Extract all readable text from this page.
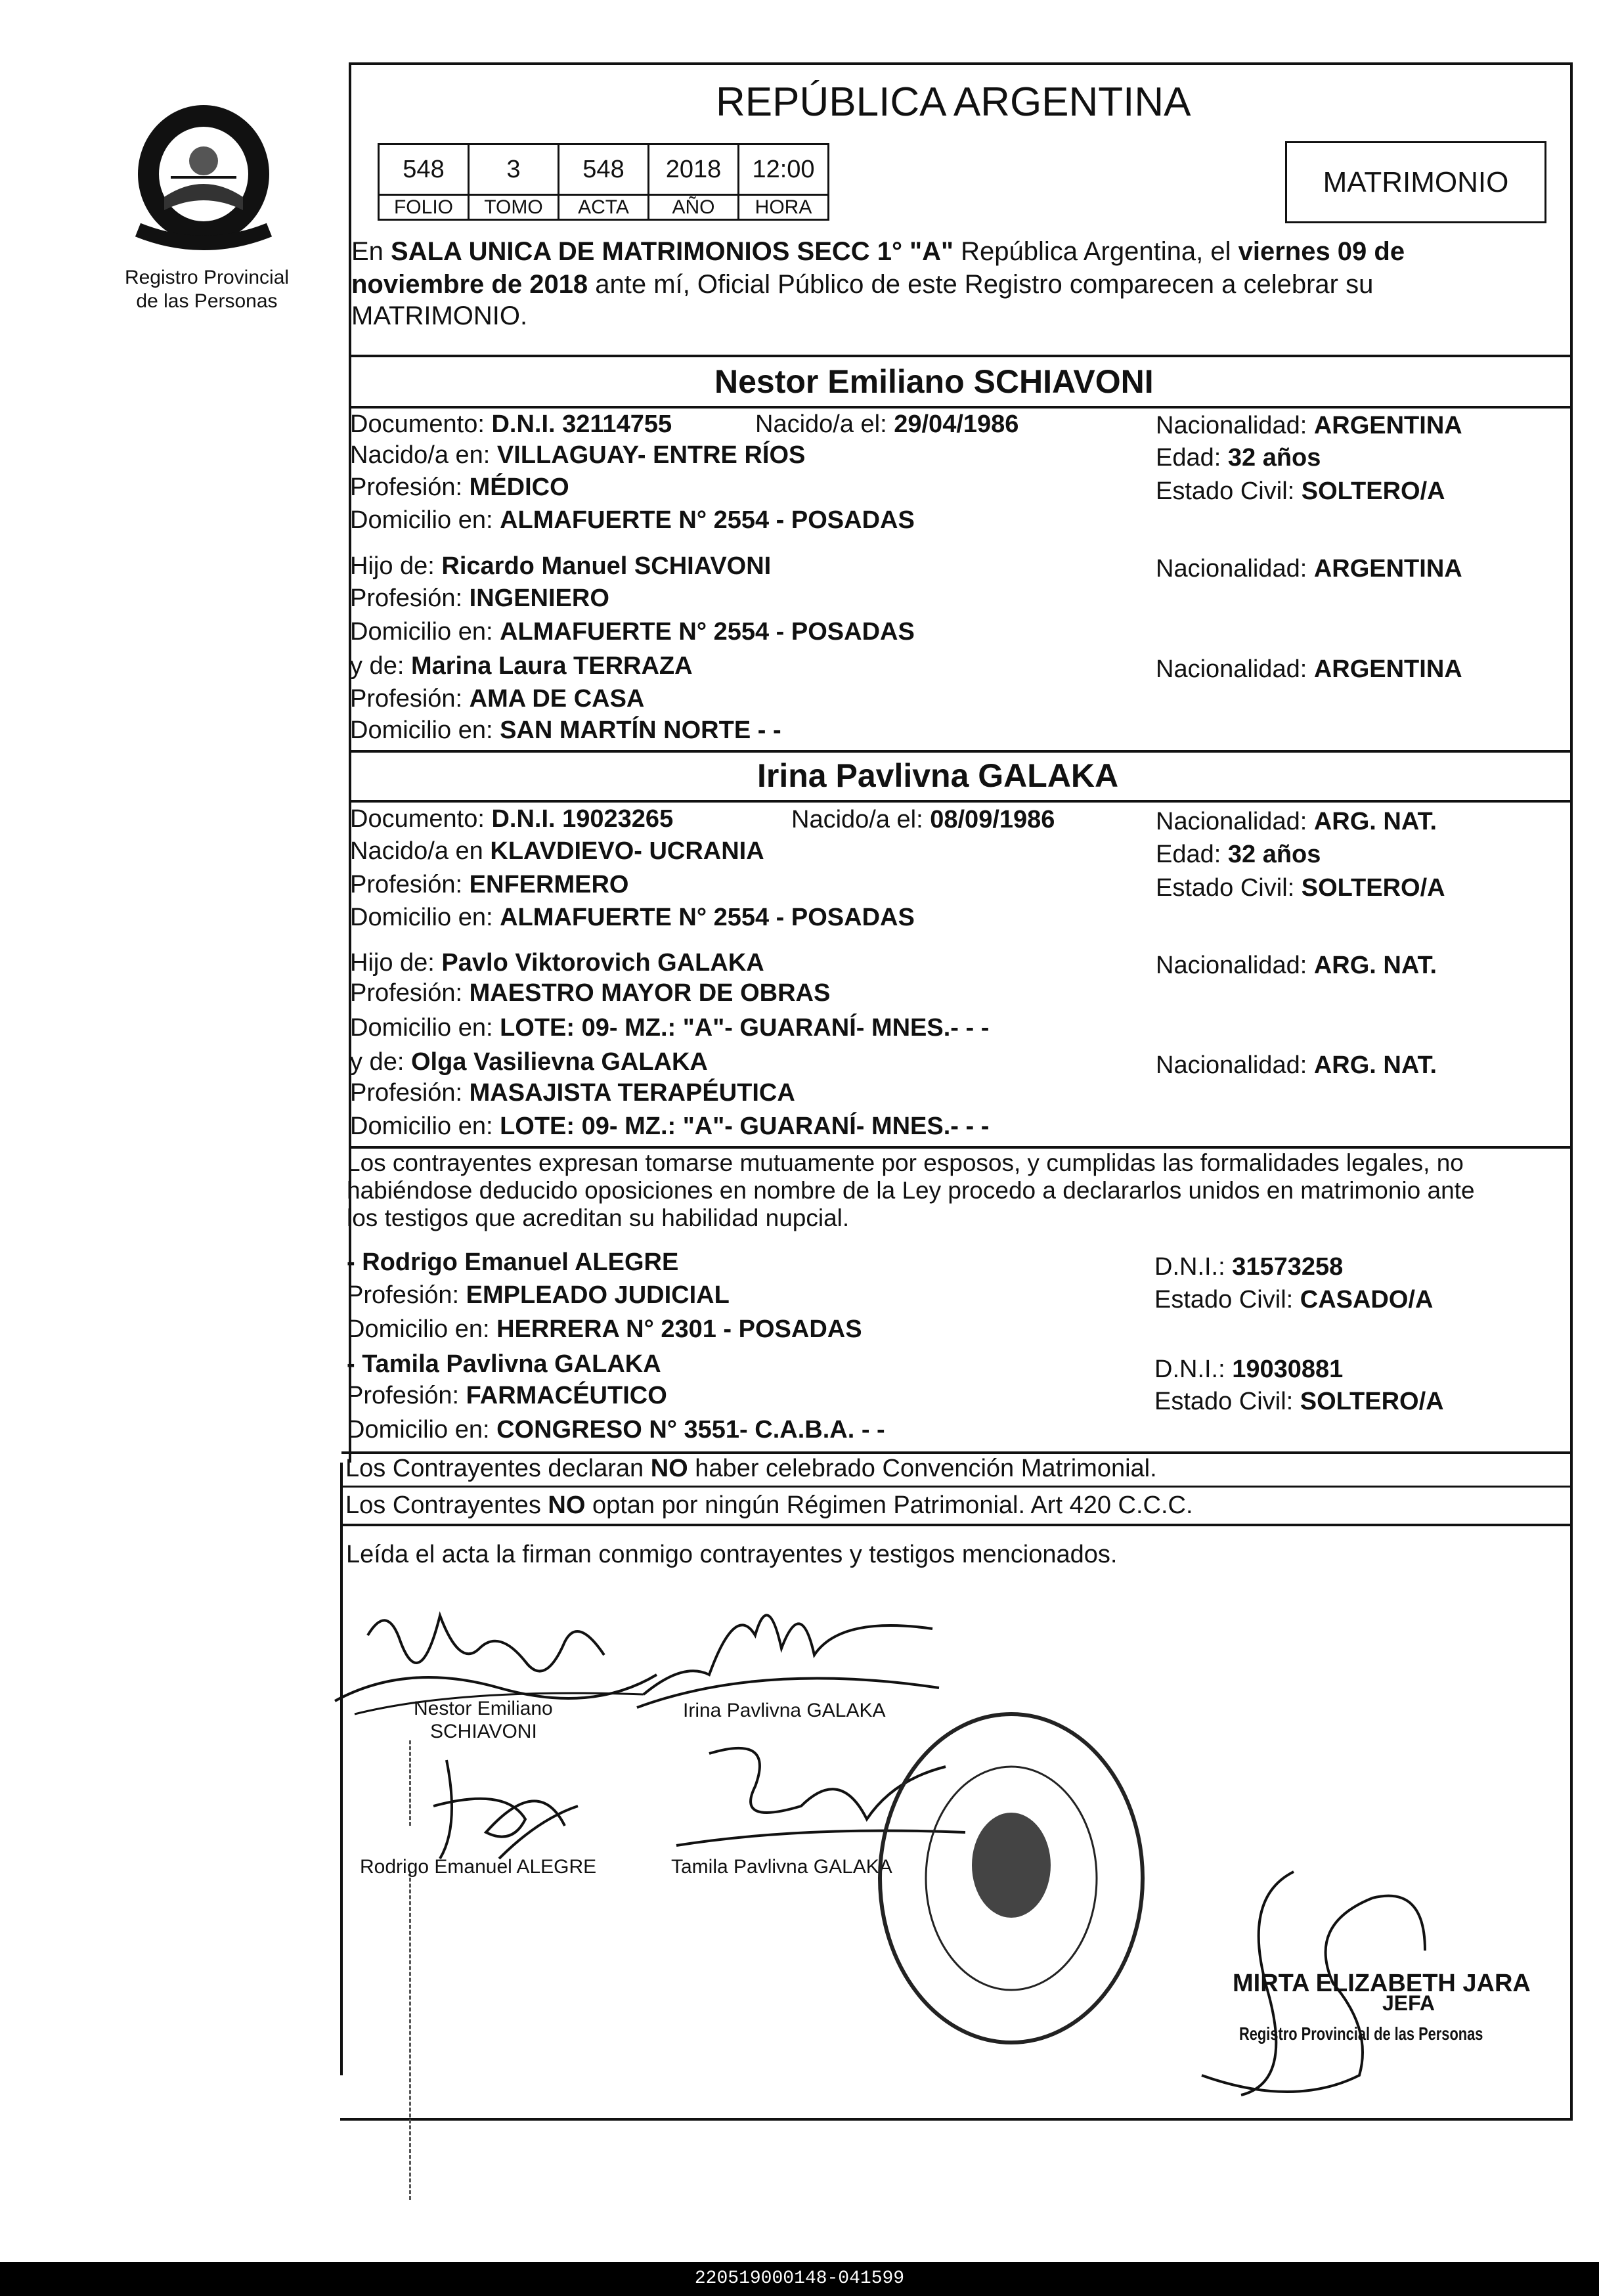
Registro Provincial
de las Personas
REPÚBLICA ARGENTINA
548 3 548 2018 12:00
FOLIO TOMO ACTA AÑO HORA
MATRIMONIO
En SALA UNICA DE MATRIMONIOS SECC 1° "A" República Argentina, el viernes 09 de
noviembre de 2018 ante mí, Oficial Público de este Registro comparecen a celebrar su
MATRIMONIO.
Nestor Emiliano SCHIAVONI
Documento: D.N.I. 32114755	Nacido/a el: 29/04/1986	Nacionalidad: ARGENTINA
Nacido/a en: VILLAGUAY- ENTRE RÍOS	Edad: 32 años
Profesión: MÉDICO	Estado Civil: SOLTERO/A
Domicilio en: ALMAFUERTE N° 2554 - POSADAS
Hijo de: Ricardo Manuel SCHIAVONI	Nacionalidad: ARGENTINA
Profesión: INGENIERO
Domicilio en: ALMAFUERTE N° 2554 - POSADAS
y de: Marina Laura TERRAZA	Nacionalidad: ARGENTINA
Profesión: AMA DE CASA
Domicilio en: SAN MARTÍN NORTE - -
Irina Pavlivna GALAKA
Documento: D.N.I. 19023265	Nacido/a el: 08/09/1986	Nacionalidad: ARG. NAT.
Nacido/a en KLAVDIEVO- UCRANIA	Edad: 32 años
Profesión: ENFERMERO	Estado Civil: SOLTERO/A
Domicilio en: ALMAFUERTE N° 2554 - POSADAS
Hijo de: Pavlo Viktorovich GALAKA	Nacionalidad: ARG. NAT.
Profesión: MAESTRO MAYOR DE OBRAS
Domicilio en: LOTE: 09- MZ.: "A"- GUARANÍ- MNES.- - -
y de: Olga Vasilievna GALAKA	Nacionalidad: ARG. NAT.
Profesión: MASAJISTA TERAPÉUTICA
Domicilio en: LOTE: 09- MZ.: "A"- GUARANÍ- MNES.- - -
Los contrayentes expresan tomarse mutuamente por esposos, y cumplidas las formalidades legales, no
habiéndose deducido oposiciones en nombre de la Ley procedo a declararlos unidos en matrimonio ante
los testigos que acreditan su habilidad nupcial.
- Rodrigo Emanuel ALEGRE	D.N.I.: 31573258
Profesión: EMPLEADO JUDICIAL	Estado Civil: CASADO/A
Domicilio en: HERRERA N° 2301 - POSADAS
- Tamila Pavlivna GALAKA	D.N.I.: 19030881
Profesión: FARMACÉUTICO	Estado Civil: SOLTERO/A
Domicilio en: CONGRESO N° 3551- C.A.B.A. - -
Los Contrayentes declaran NO haber celebrado Convención Matrimonial.
Los Contrayentes NO optan por ningún Régimen Patrimonial. Art 420 C.C.C.
Leída el acta la firman conmigo contrayentes y testigos mencionados.
Nestor Emiliano
SCHIAVONI
Irina Pavlivna GALAKA
Rodrigo Emanuel ALEGRE	Tamila Pavlivna GALAKA
MIRTA ELIZABETH JARA
JEFA
Registro Provincial de las Personas
220519000148-041599
